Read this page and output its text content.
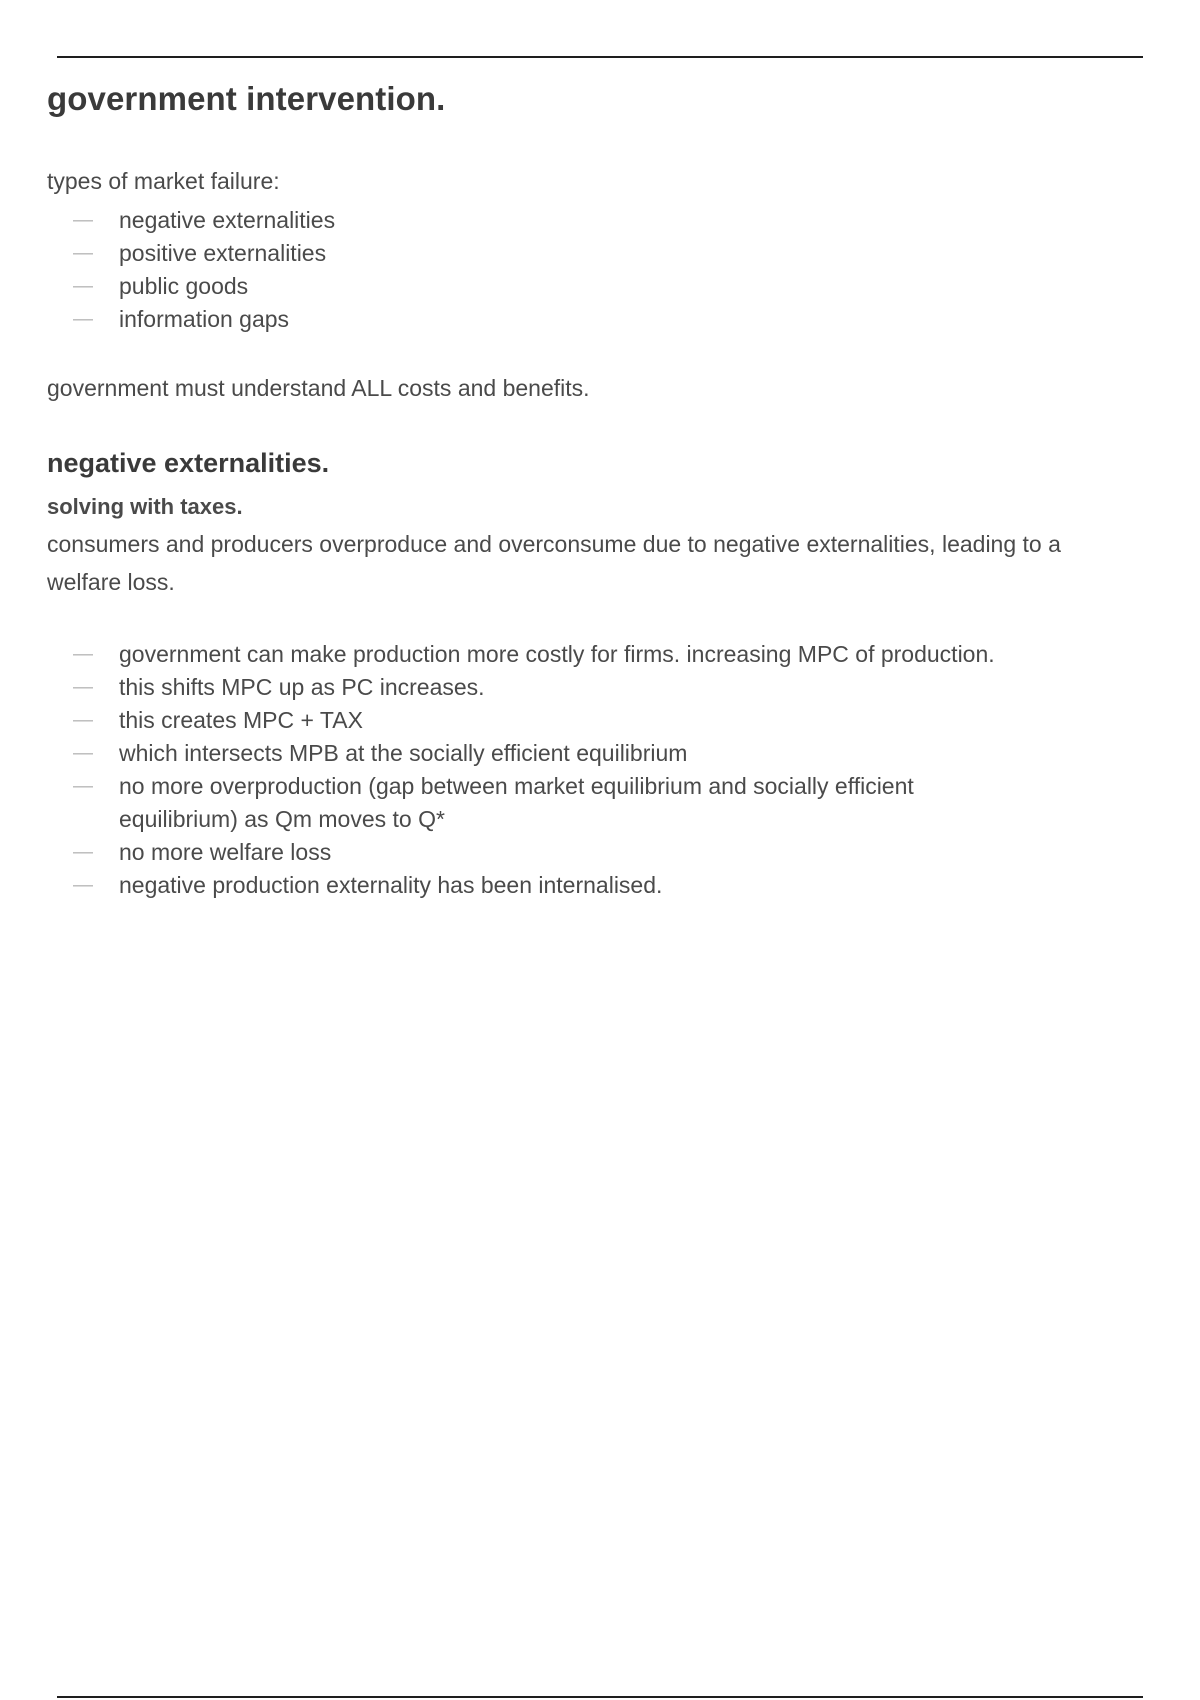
government intervention.

types of market failure:

— negative externalities
— positive externalities
— public goods
— information gaps

government must understand ALL costs and benefits.

negative externalities.
solving with taxes.

consumers and producers overproduce and overconsume due to negative externalities, leading to a welfare loss.

— government can make production more costly for firms. increasing MPC of production.
— this shifts MPC up as PC increases.
— this creates MPC + TAX
— which intersects MPB at the socially efficient equilibrium
— no more overproduction (gap between market equilibrium and socially efficient equilibrium) as Qm moves to Q*
— no more welfare loss
— negative production externality has been internalised.
